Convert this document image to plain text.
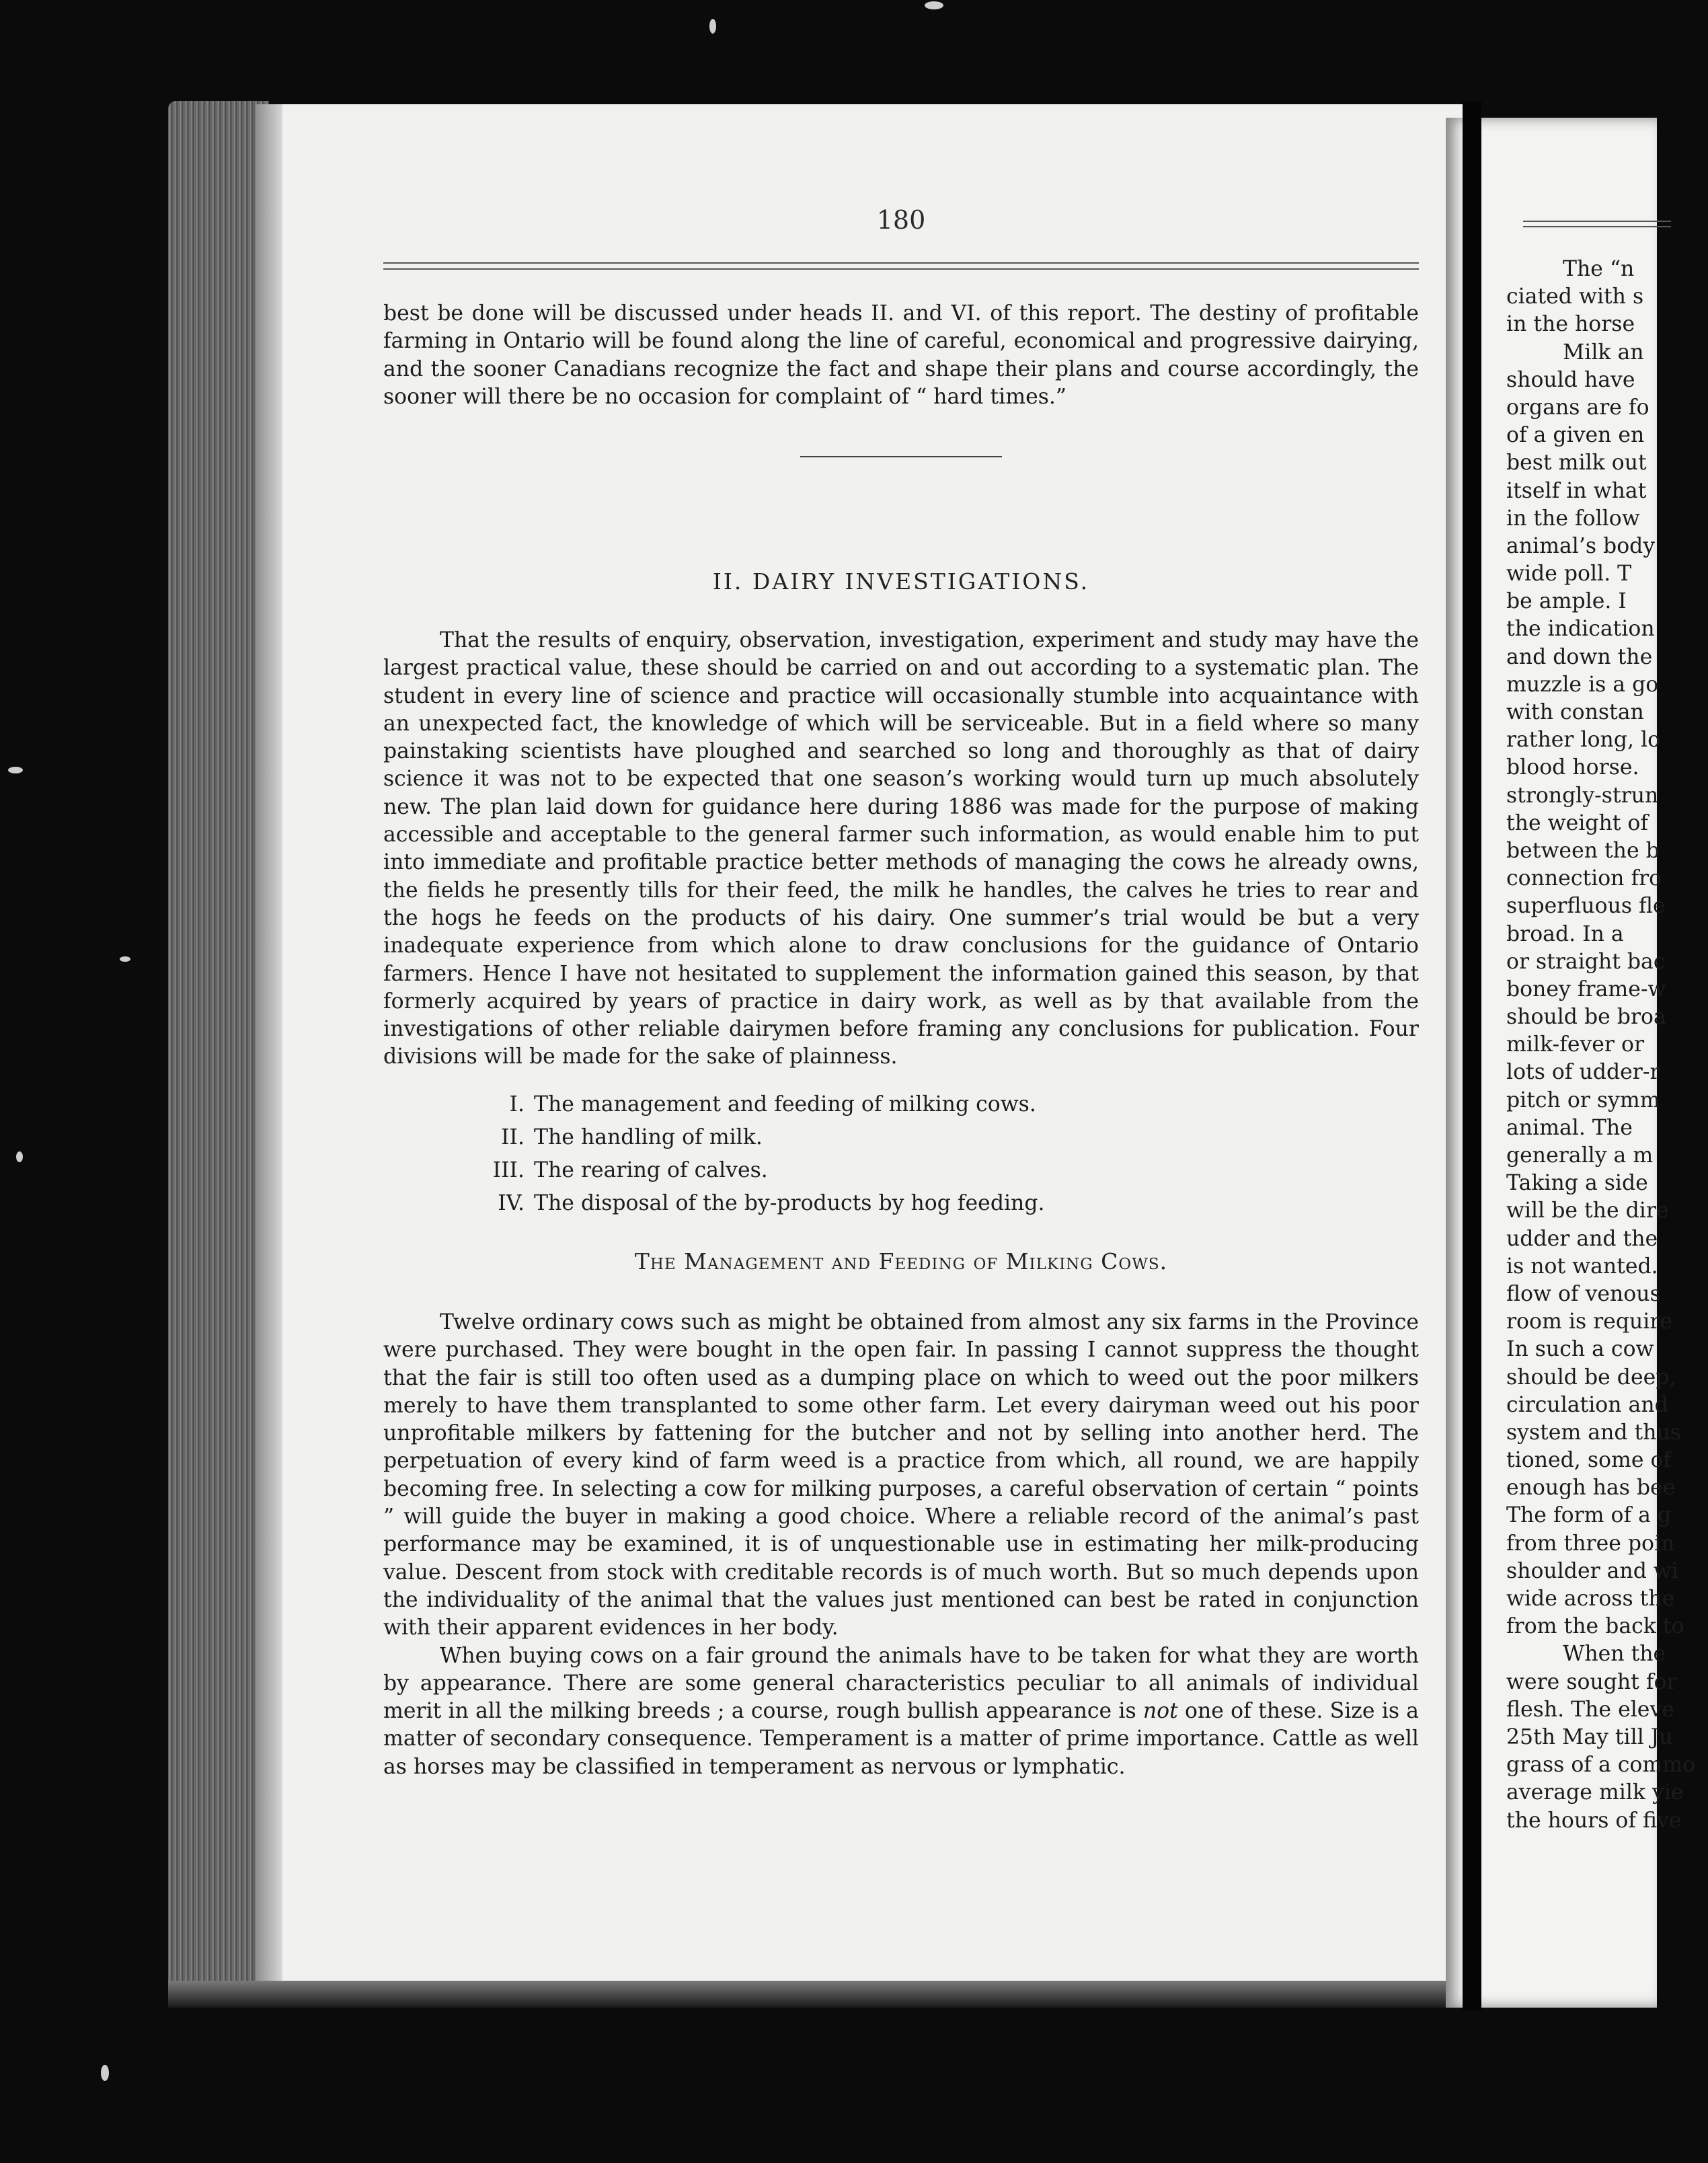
180

best be done will be discussed under heads II. and VI. of this report. The destiny of profitable farming in Ontario will be found along the line of careful, economical and progressive dairying, and the sooner Canadians recognize the fact and shape their plans and course accordingly, the sooner will there be no occasion for complaint of “ hard times.”

II. DAIRY INVESTIGATIONS.

That the results of enquiry, observation, investigation, experiment and study may have the largest practical value, these should be carried on and out according to a systematic plan. The student in every line of science and practice will occasionally stumble into acquaintance with an unexpected fact, the knowledge of which will be serviceable. But in a field where so many painstaking scientists have ploughed and searched so long and thoroughly as that of dairy science it was not to be expected that one season’s working would turn up much absolutely new. The plan laid down for guidance here during 1886 was made for the purpose of making accessible and acceptable to the general farmer such information, as would enable him to put into immediate and profitable practice better methods of managing the cows he already owns, the fields he presently tills for their feed, the milk he handles, the calves he tries to rear and the hogs he feeds on the products of his dairy. One summer’s trial would be but a very inadequate experience from which alone to draw conclusions for the guidance of Ontario farmers. Hence I have not hesitated to supplement the information gained this season, by that formerly acquired by years of practice in dairy work, as well as by that available from the investigations of other reliable dairymen before framing any conclusions for publication. Four divisions will be made for the sake of plainness.

I. The management and feeding of milking cows.
II. The handling of milk.
III. The rearing of calves.
IV. The disposal of the by-products by hog feeding.
The Management and Feeding of Milking Cows.

Twelve ordinary cows such as might be obtained from almost any six farms in the Province were purchased. They were bought in the open fair. In passing I cannot suppress the thought that the fair is still too often used as a dumping place on which to weed out the poor milkers merely to have them transplanted to some other farm. Let every dairyman weed out his poor unprofitable milkers by fattening for the butcher and not by selling into another herd. The perpetuation of every kind of farm weed is a practice from which, all round, we are happily becoming free. In selecting a cow for milking purposes, a careful observation of certain “ points ” will guide the buyer in making a good choice. Where a reliable record of the animal’s past performance may be examined, it is of unquestionable use in estimating her milk-producing value. Descent from stock with creditable records is of much worth. But so much depends upon the individuality of the animal that the values just mentioned can best be rated in conjunction with their apparent evidences in her body.

When buying cows on a fair ground the animals have to be taken for what they are worth by appearance. There are some general characteristics peculiar to all animals of individual merit in all the milking breeds ; a course, rough bullish appearance is not one of these. Size is a matter of secondary consequence. Temperament is a matter of prime importance. Cattle as well as horses may be classified in temperament as nervous or lymphatic.

The “n
ciated with s
in the horse
Milk an
should have
organs are fo
of a given en
best milk out
itself in what
in the follow
animal’s body
wide poll. T
be ample. I
the indication
and down the
muzzle is a go
with constan
rather long, lo
blood horse.
strongly-strun
the weight of
between the b
connection fro
superfluous fle
broad. In a
or straight bac
boney frame-w
should be broa
milk-fever or
lots of udder-r
pitch or symm
animal. The
generally a m
Taking a side
will be the dire
udder and the
is not wanted.
flow of venous
room is require
In such a cow
should be deep,
circulation and
system and thus
tioned, some of
enough has bee
The form of a g
from three poin
shoulder and wi
wide across the
from the back to
When the
were sought for
flesh. The eleve
25th May till Ju
grass of a commo
average milk yie
the hours of five
